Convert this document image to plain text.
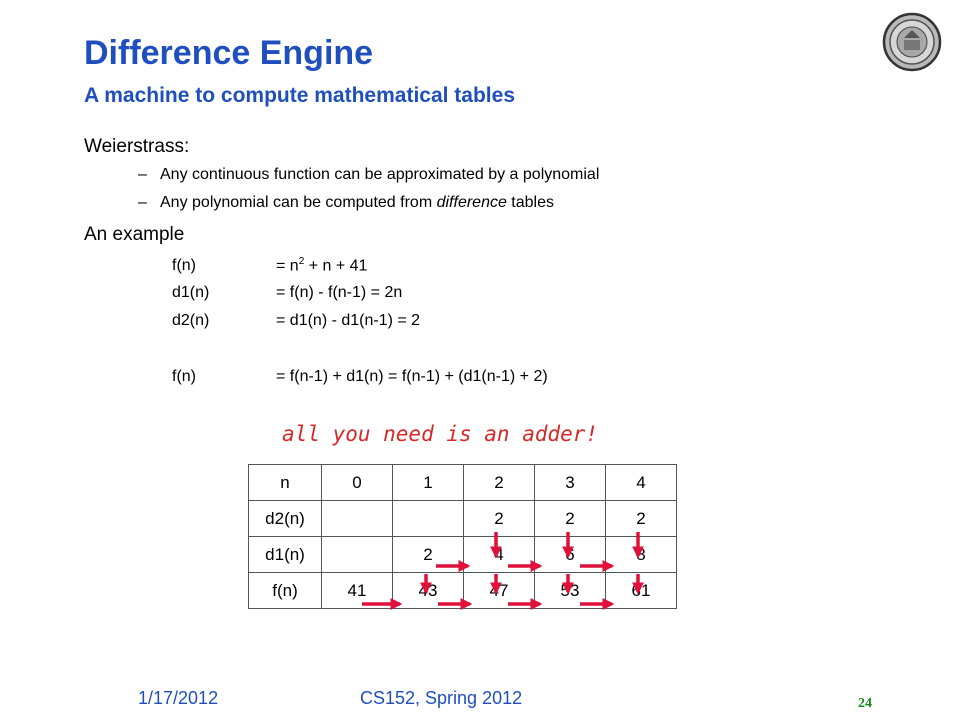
Difference Engine
A machine to compute mathematical tables
Weierstrass:
– Any continuous function can be approximated by a polynomial
– Any polynomial can be computed from difference tables
An example
f(n)	= $n^2 + n + 41$
d1(n)	= f(n) - f(n-1) = 2n
d2(n)	= d1(n) - d1(n-1) = 2
f(n)	= f(n-1) + d1(n) = f(n-1) + (d1(n-1) + 2)
all you need is an adder!
n	0	1	2	3	4
d2(n)			2	2	2
d1(n)		2	4	6	8
f(n)	41	43	47	53	61
1/17/2012	CS152, Spring 2012	24
